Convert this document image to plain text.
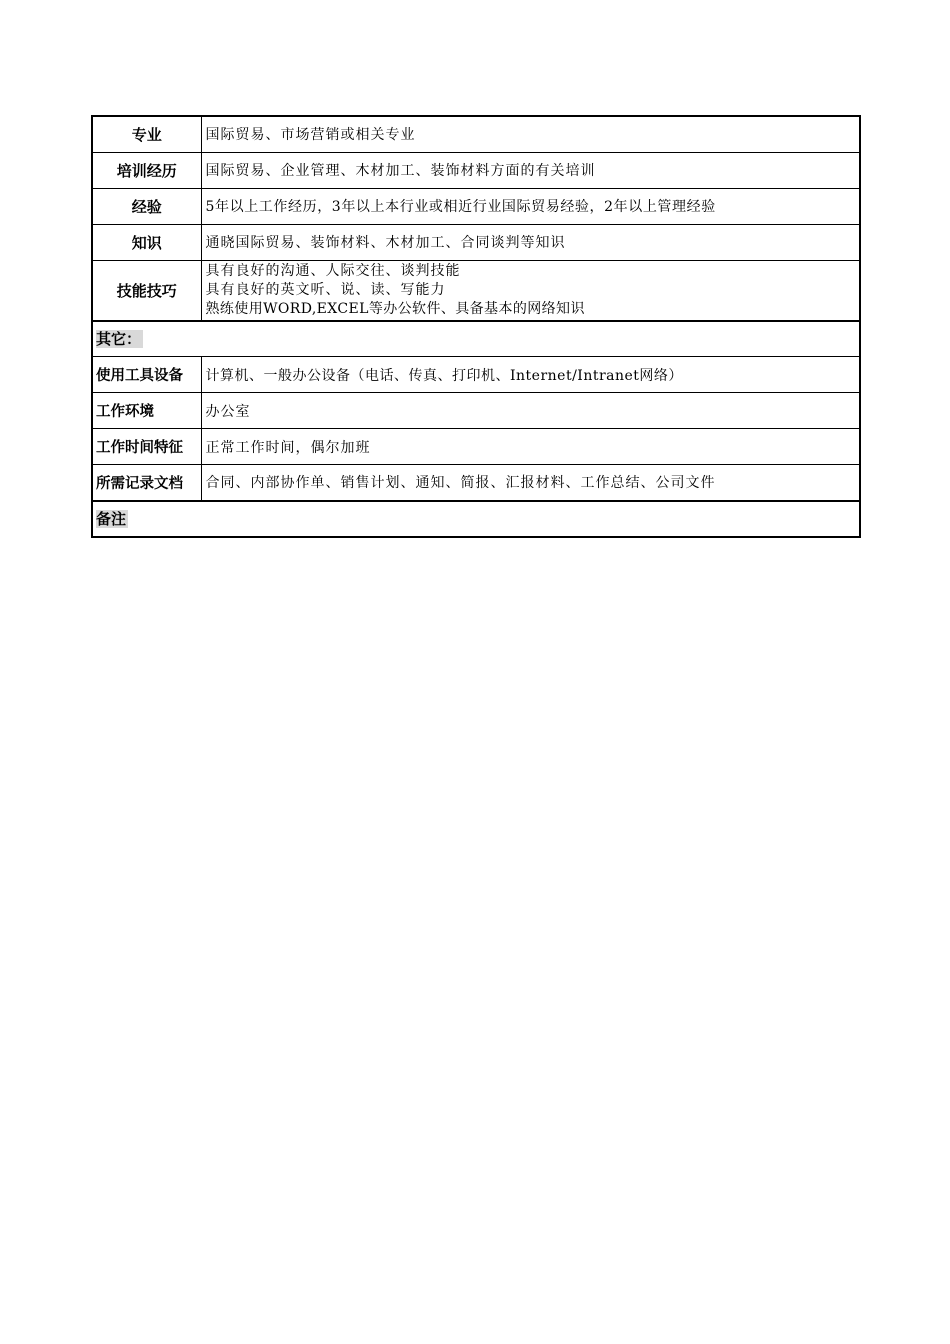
专业	国际贸易、市场营销或相关专业
培训经历	国际贸易、企业管理、木材加工、装饰材料方面的有关培训
经验	5年以上工作经历，3年以上本行业或相近行业国际贸易经验，2年以上管理经验
知识	通晓国际贸易、装饰材料、木材加工、合同谈判等知识
技能技巧	具有良好的沟通、人际交往、谈判技能
具有良好的英文听、说、读、写能力
熟练使用WORD,EXCEL等办公软件、具备基本的网络知识

其它：	
使用工具设备	计算机、一般办公设备（电话、传真、打印机、Internet/Intranet网络）
工作环境	办公室
工作时间特征	正常工作时间，偶尔加班
所需记录文档	合同、内部协作单、销售计划、通知、简报、汇报材料、工作总结、公司文件
备注	
